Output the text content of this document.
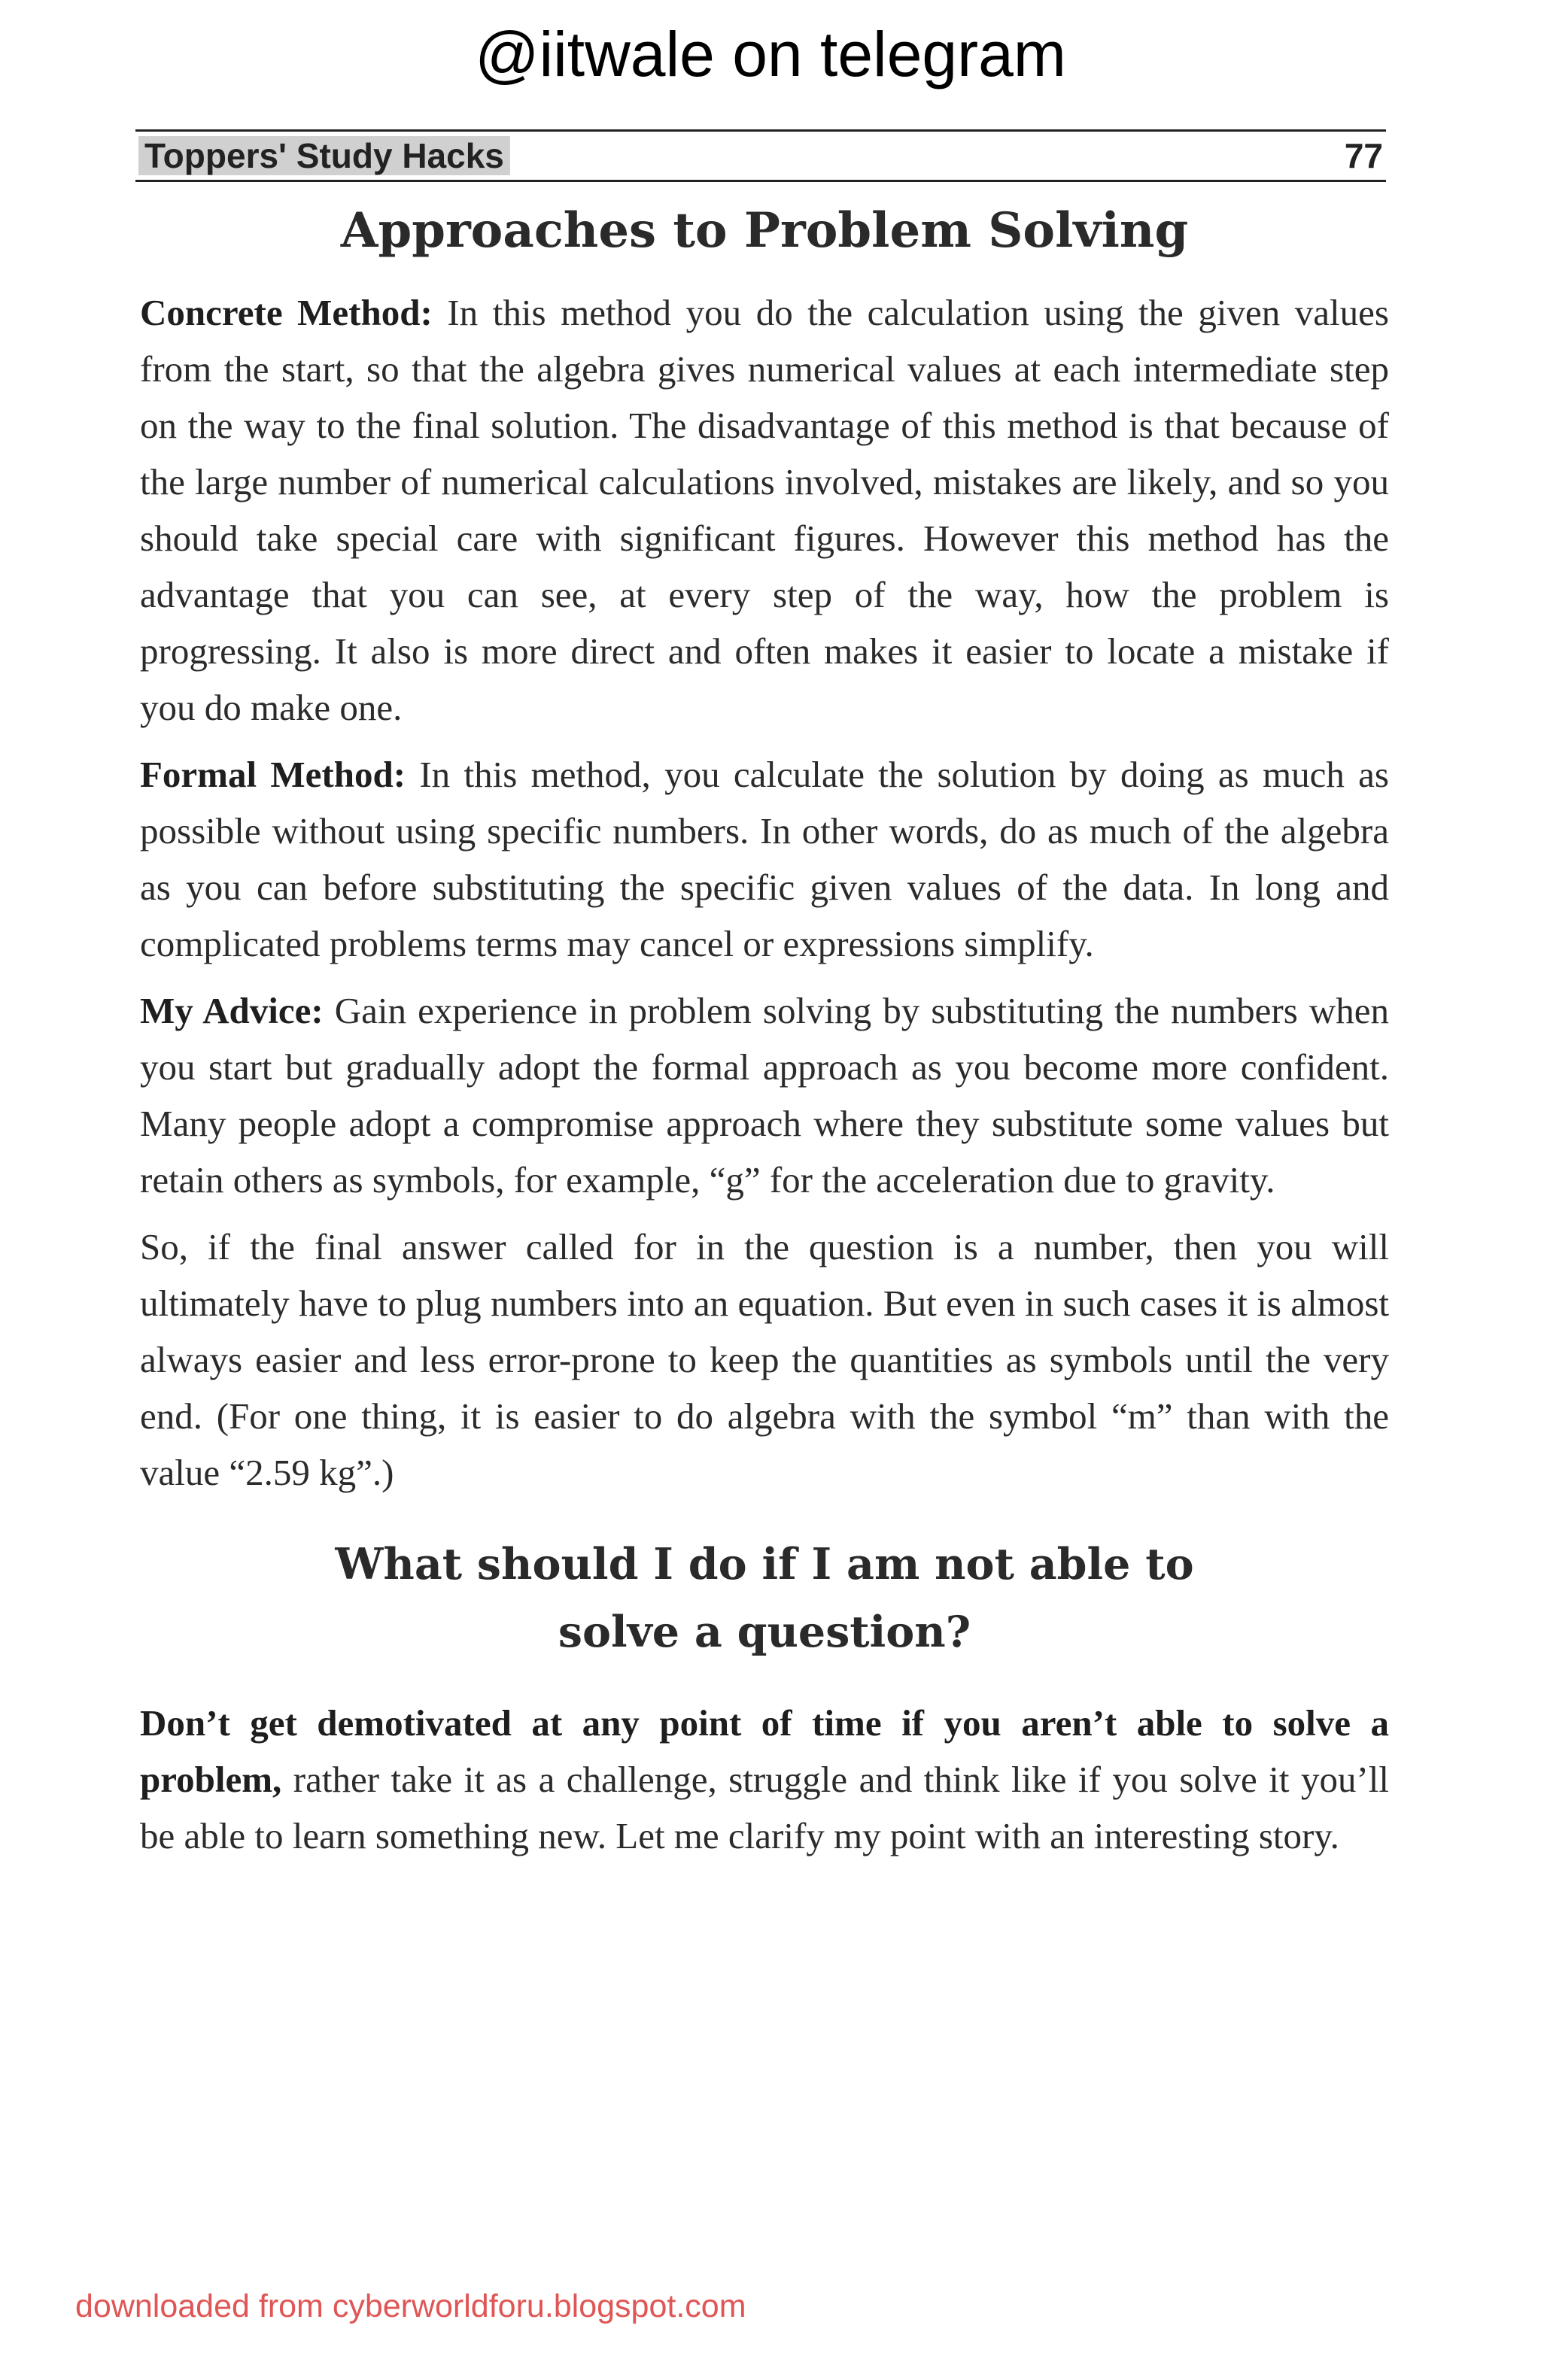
@iitwale on telegram
Toppers' Study Hacks	77
Approaches to Problem Solving

Concrete Method: In this method you do the calculation using the given values from the start, so that the algebra gives numerical values at each intermediate step on the way to the final solution. The disadvantage of this method is that because of the large number of numerical calculations involved, mistakes are likely, and so you should take special care with significant figures. However this method has the advantage that you can see, at every step of the way, how the problem is progressing. It also is more direct and often makes it easier to locate a mistake if you do make one.

Formal Method: In this method, you calculate the solution by doing as much as possible without using specific numbers. In other words, do as much of the algebra as you can before substituting the specific given values of the data. In long and complicated problems terms may cancel or expressions simplify.

My Advice: Gain experience in problem solving by substituting the numbers when you start but gradually adopt the formal approach as you become more confident. Many people adopt a compromise approach where they substitute some values but retain others as symbols, for example, “g” for the acceleration due to gravity.

So, if the final answer called for in the question is a number, then you will ultimately have to plug numbers into an equation. But even in such cases it is almost always easier and less error-prone to keep the quantities as symbols until the very end. (For one thing, it is easier to do algebra with the symbol “m” than with the value “2.59 kg”.)

What should I do if I am not able to
solve a question?

Don’t get demotivated at any point of time if you aren’t able to solve a problem, rather take it as a challenge, struggle and think like if you solve it you’ll be able to learn something new. Let me clarify my point with an interesting story.

downloaded from cyberworldforu.blogspot.com
